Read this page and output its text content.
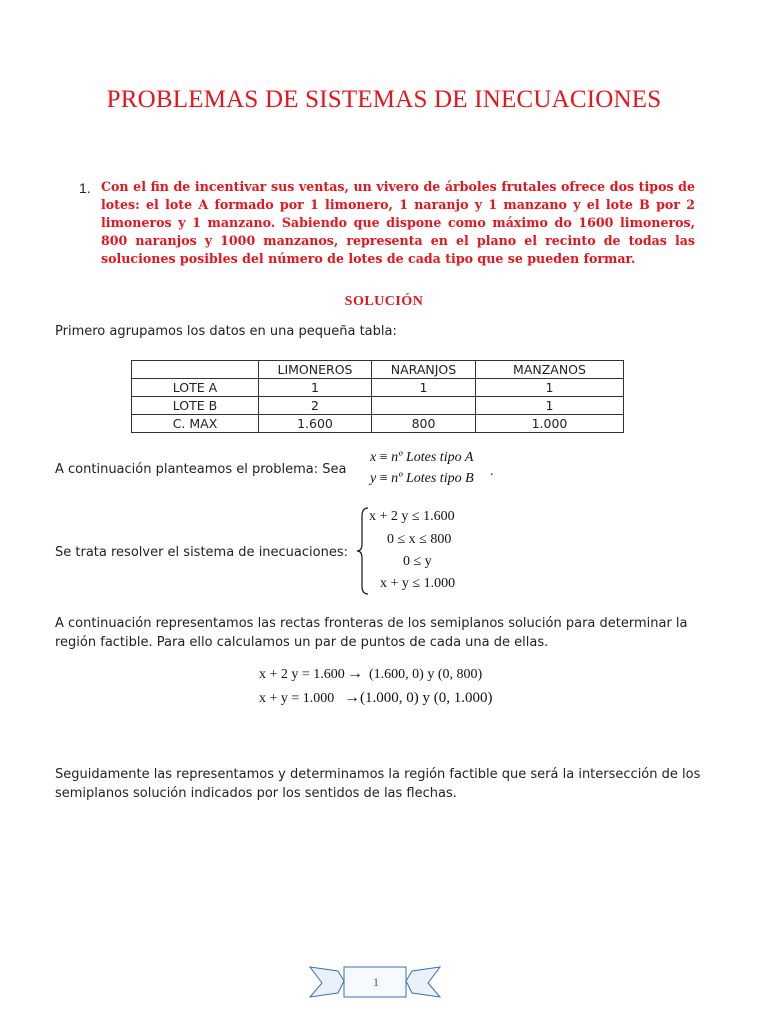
PROBLEMAS DE SISTEMAS DE INECUACIONES
1. Con el fin de incentivar sus ventas, un vivero de árboles frutales ofrece dos tipos de lotes: el lote A formado por 1 limonero, 1 naranjo y 1 manzano y el lote B por 2 limoneros y 1 manzano. Sabiendo que dispone como máximo do 1600 limoneros, 800 naranjos y 1000 manzanos, representa en el plano el recinto de todas las soluciones posibles del número de lotes de cada tipo que se pueden formar.
SOLUCIÓN
Primero agrupamos los datos en una pequeña tabla:
	LIMONEROS	NARANJOS	MANZANOS
LOTE A	1	1	1
LOTE B	2		1
C. MAX	1.600	800	1.000
A continuación planteamos el problema: Sea
x ≡ nº Lotes tipo A
y ≡ nº Lotes tipo B .
Se trata resolver el sistema de inecuaciones:
x + 2 y ≤ 1.600
0 ≤ x ≤ 800
0 ≤ y
x + y ≤ 1.000
A continuación representamos las rectas fronteras de los semiplanos solución para determinar la región factible. Para ello calculamos un par de puntos de cada una de ellas.
x + 2 y = 1.600 → (1.600, 0) y (0, 800)
x + y = 1.000 → (1.000, 0) y (0, 1.000)
Seguidamente las representamos y determinamos la región factible que será la intersección de los semiplanos solución indicados por los sentidos de las flechas.
1
